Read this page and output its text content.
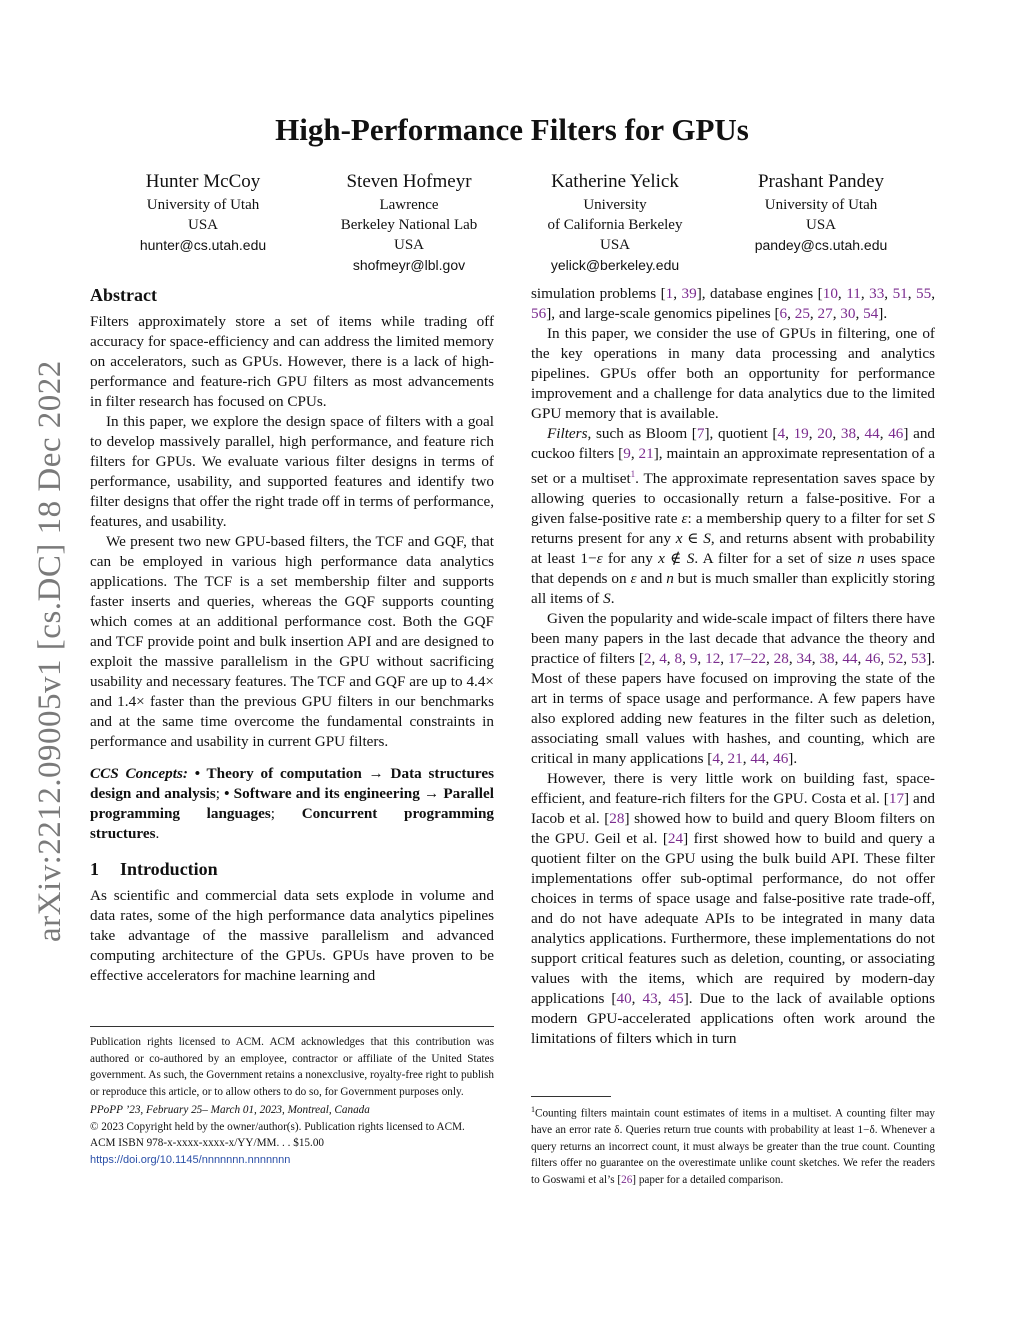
arXiv:2212.09005v1 [cs.DC] 18 Dec 2022
High-Performance Filters for GPUs
Hunter McCoy
University of Utah
USA
hunter@cs.utah.edu
Steven Hofmeyr
Lawrence
Berkeley National Lab
USA
shofmeyr@lbl.gov
Katherine Yelick
University
of California Berkeley
USA
yelick@berkeley.edu
Prashant Pandey
University of Utah
USA
pandey@cs.utah.edu
Abstract

Filters approximately store a set of items while trading off accuracy for space-efficiency and can address the limited memory on accelerators, such as GPUs. However, there is a lack of high-performance and feature-rich GPU filters as most advancements in filter research has focused on CPUs.

In this paper, we explore the design space of filters with a goal to develop massively parallel, high performance, and feature rich filters for GPUs. We evaluate various filter designs in terms of performance, usability, and supported features and identify two filter designs that offer the right trade off in terms of performance, features, and usability.

We present two new GPU-based filters, the TCF and GQF, that can be employed in various high performance data analytics applications. The TCF is a set membership filter and supports faster inserts and queries, whereas the GQF supports counting which comes at an additional performance cost. Both the GQF and TCF provide point and bulk insertion API and are designed to exploit the massive parallelism in the GPU without sacrificing usability and necessary features. The TCF and GQF are up to 4.4× and 1.4× faster than the previous GPU filters in our benchmarks and at the same time overcome the fundamental constraints in performance and usability in current GPU filters.

CCS Concepts: • Theory of computation → Data structures design and analysis; • Software and its engineering → Parallel programming languages; Concurrent programming structures.

1 Introduction

As scientific and commercial data sets explode in volume and data rates, some of the high performance data analytics pipelines take advantage of the massive parallelism and advanced computing architecture of the GPUs. GPUs have proven to be effective accelerators for machine learning and

Publication rights licensed to ACM. ACM acknowledges that this contribution was authored or co-authored by an employee, contractor or affiliate of the United States government. As such, the Government retains a nonexclusive, royalty-free right to publish or reproduce this article, or to allow others to do so, for Government purposes only.

PPoPP ’23, February 25– March 01, 2023, Montreal, Canada

© 2023 Copyright held by the owner/author(s). Publication rights licensed to ACM.

ACM ISBN 978-x-xxxx-xxxx-x/YY/MM. . . $15.00

https://doi.org/10.1145/nnnnnnn.nnnnnnn

simulation problems [1, 39], database engines [10, 11, 33, 51, 55, 56], and large-scale genomics pipelines [6, 25, 27, 30, 54].

In this paper, we consider the use of GPUs in filtering, one of the key operations in many data processing and analytics pipelines. GPUs offer both an opportunity for performance improvement and a challenge for data analytics due to the limited GPU memory that is available.

Filters, such as Bloom [7], quotient [4, 19, 20, 38, 44, 46] and cuckoo filters [9, 21], maintain an approximate representation of a set or a multiset$^1$. The approximate representation saves space by allowing queries to occasionally return a false-positive. For a given false-positive rate ε: a membership query to a filter for set S returns present for any x ∈ S, and returns absent with probability at least 1−ε for any x ∉ S. A filter for a set of size n uses space that depends on ε and n but is much smaller than explicitly storing all items of S.

Given the popularity and wide-scale impact of filters there have been many papers in the last decade that advance the theory and practice of filters [2, 4, 8, 9, 12, 17–22, 28, 34, 38, 44, 46, 52, 53]. Most of these papers have focused on improving the state of the art in terms of space usage and performance. A few papers have also explored adding new features in the filter such as deletion, associating small values with hashes, and counting, which are critical in many applications [4, 21, 44, 46].

However, there is very little work on building fast, space-efficient, and feature-rich filters for the GPU. Costa et al. [17] and Iacob et al. [28] showed how to build and query Bloom filters on the GPU. Geil et al. [24] first showed how to build and query a quotient filter on the GPU using the bulk build API. These filter implementations offer sub-optimal performance, do not offer choices in terms of space usage and false-positive rate trade-off, and do not have adequate APIs to be integrated in many data analytics applications. Furthermore, these implementations do not support critical features such as deletion, counting, or associating values with the items, which are required by modern-day applications [40, 43, 45]. Due to the lack of available options modern GPU-accelerated applications often work around the limitations of filters which in turn

$^1$Counting filters maintain count estimates of items in a multiset. A counting filter may have an error rate δ. Queries return true counts with probability at least 1−δ. Whenever a query returns an incorrect count, it must always be greater than the true count. Counting filters offer no guarantee on the overestimate unlike count sketches. We refer the readers to Goswami et al’s [26] paper for a detailed comparison.
